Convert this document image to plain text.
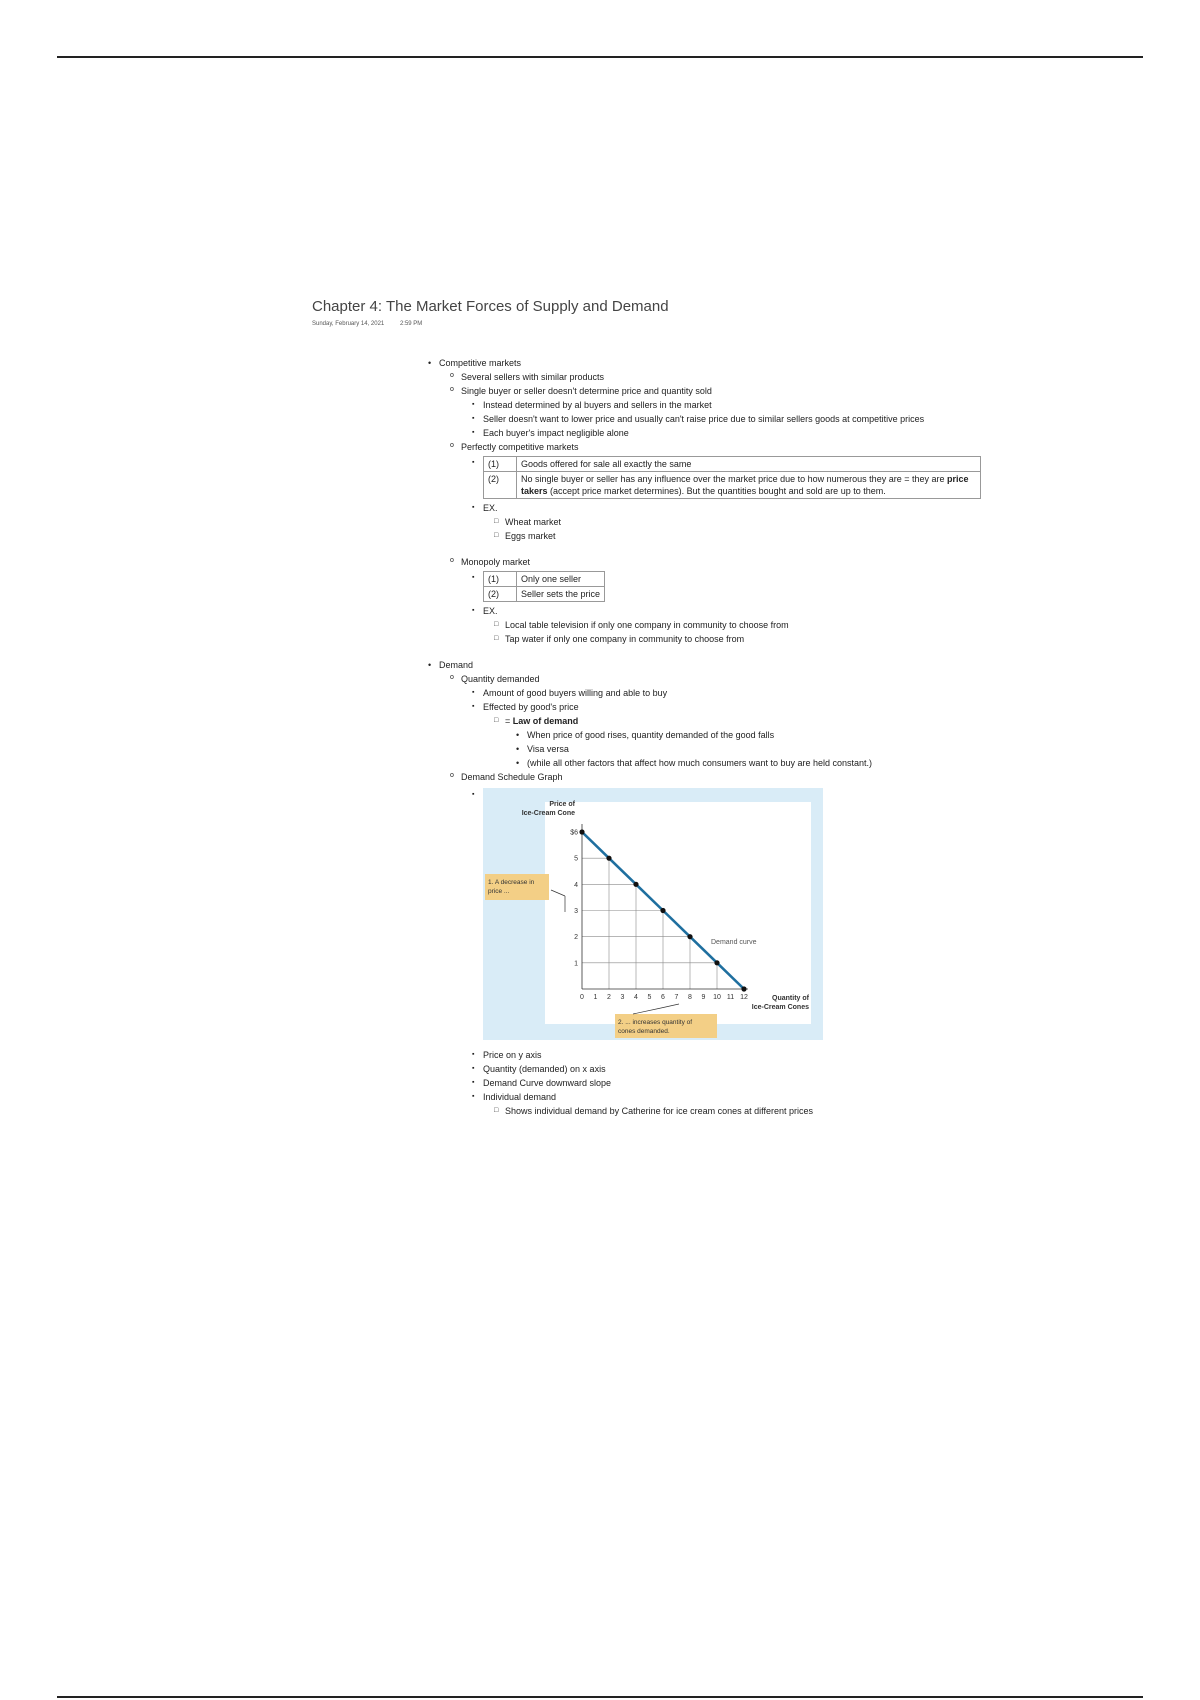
Chapter 4: The Market Forces of Supply and Demand
Sunday, February 14, 2021	2:59 PM
• Competitive markets
o Several sellers with similar products
o Single buyer or seller doesn't determine price and quantity sold
▪ Instead determined by al buyers and sellers in the market
▪ Seller doesn't want to lower price and usually can't raise price due to similar sellers goods at competitive prices
▪ Each buyer's impact negligible alone
o Perfectly competitive markets
▪ (1)	Goods offered for sale all exactly the same
(2)	No single buyer or seller has any influence over the market price due to how numerous they are = they are price takers (accept price market determines). But the quantities bought and sold are up to them.
▪ EX.
□ Wheat market
□ Eggs market
o Monopoly market
▪ (1)	Only one seller
(2)	Seller sets the price
▪ EX.
□ Local table television if only one company in community to choose from
□ Tap water if only one company in community to choose from
• Demand
o Quantity demanded
▪ Amount of good buyers willing and able to buy
▪ Effected by good's price
□ = Law of demand
• When price of good rises, quantity demanded of the good falls
• Visa versa
• (while all other factors that affect how much consumers want to buy are held constant.)
o Demand Schedule Graph
▪ $6
5
4
3
2
1
0 1 2 3 4 5 6 7 8 9 10 11 12
Price of
Ice-Cream Cone
Quantity of
Ice-Cream Cones
Demand curve
1. A decrease in
price ...
2. ... increases quantity of
cones demanded.
▪ Price on y axis
▪ Quantity (demanded) on x axis
▪ Demand Curve downward slope
▪ Individual demand
□ Shows individual demand by Catherine for ice cream cones at different prices
